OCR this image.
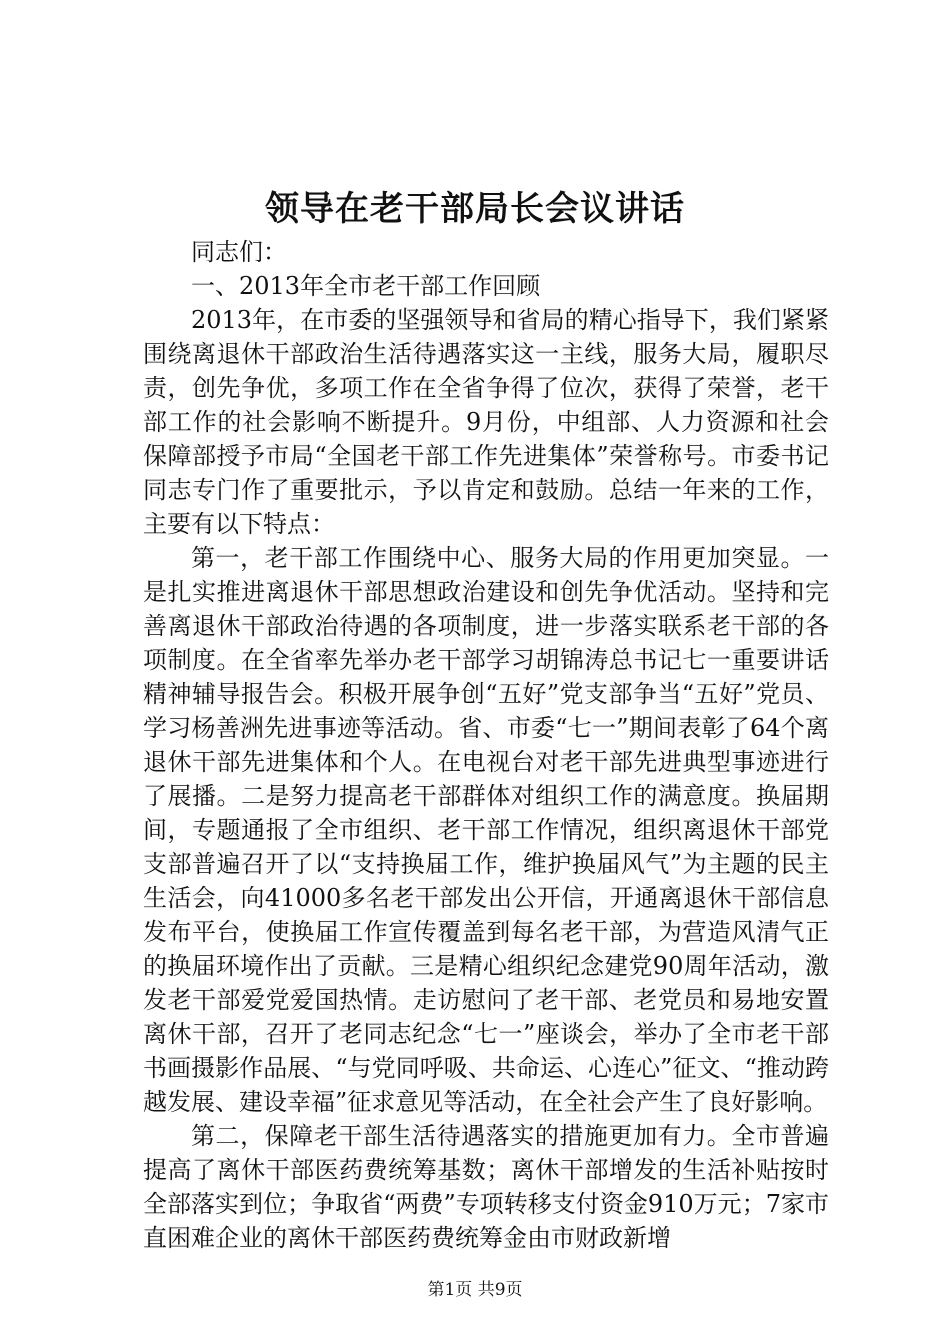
领导在老干部局长会议讲话

同志们：

一、2013年全市老干部工作回顾

2013年，在市委的坚强领导和省局的精心指导下，我们紧紧围绕离退休干部政治生活待遇落实这一主线，服务大局，履职尽责，创先争优，多项工作在全省争得了位次，获得了荣誉，老干部工作的社会影响不断提升。9月份，中组部、人力资源和社会保障部授予市局“全国老干部工作先进集体”荣誉称号。市委书记同志专门作了重要批示，予以肯定和鼓励。总结一年来的工作，主要有以下特点：

第一，老干部工作围绕中心、服务大局的作用更加突显。一是扎实推进离退休干部思想政治建设和创先争优活动。坚持和完善离退休干部政治待遇的各项制度，进一步落实联系老干部的各项制度。在全省率先举办老干部学习胡锦涛总书记七一重要讲话精神辅导报告会。积极开展争创“五好”党支部争当“五好”党员、学习杨善洲先进事迹等活动。省、市委“七一”期间表彰了64个离退休干部先进集体和个人。在电视台对老干部先进典型事迹进行了展播。二是努力提高老干部群体对组织工作的满意度。换届期间，专题通报了全市组织、老干部工作情况，组织离退休干部党支部普遍召开了以“支持换届工作，维护换届风气”为主题的民主生活会，向41000多名老干部发出公开信，开通离退休干部信息发布平台，使换届工作宣传覆盖到每名老干部，为营造风清气正的换届环境作出了贡献。三是精心组织纪念建党90周年活动，激发老干部爱党爱国热情。走访慰问了老干部、老党员和易地安置离休干部，召开了老同志纪念“七一”座谈会，举办了全市老干部书画摄影作品展、“与党同呼吸、共命运、心连心”征文、“推动跨越发展、建设幸福”征求意见等活动，在全社会产生了良好影响。

第二，保障老干部生活待遇落实的措施更加有力。全市普遍提高了离休干部医药费统筹基数；离休干部增发的生活补贴按时全部落实到位；争取省“两费”专项转移支付资金910万元；7家市直困难企业的离休干部医药费统筹金由市财政新增

第1页 共9页
